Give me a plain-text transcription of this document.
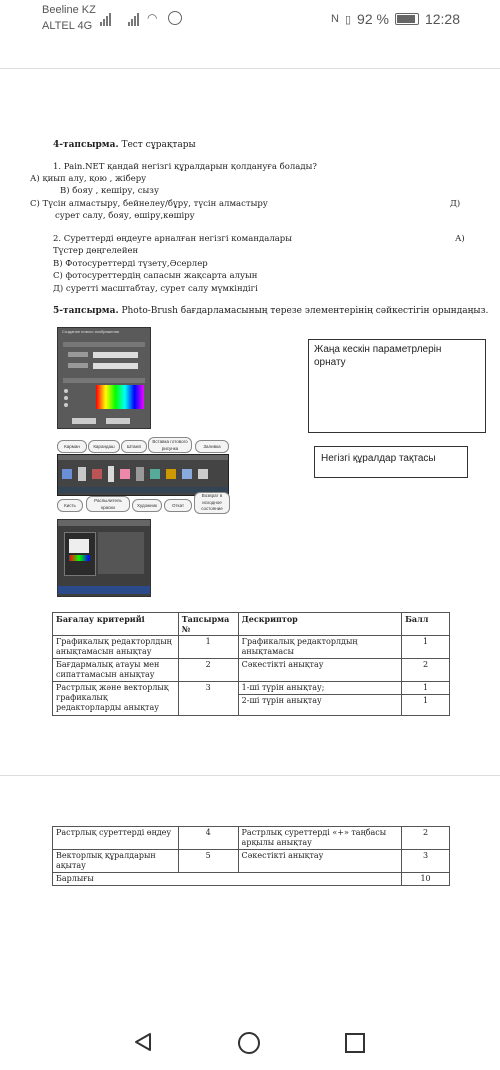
Beeline KZ
ALTEL 4G
◠	N ▯ 92 %	12:28
4-тапсырма. Тест сұрақтары
1. Pain.NET қандай негізгі құралдарын қолдануға болады?
А) қиып алу, қою , жіберу
В) бояу , кешіру, сызу
С) Түсін алмастыру, бейнелеу/бұру, түсін алмастыру	Д)
сурет салу, бояу, өшіру,көшіру
2. Суреттерді өңдеуге арналған негізгі командалары	А)
Түстер дөңгелейен
В) Фотосуреттерді түзету,Әсерлер
С) фотосуреттердің сапасын жақсарта алуын
Д) суретті масштабтау, сурет салу мүмкіндігі
5-тапсырма. Photo-Brush бағдарламасының терезе элементерінің сәйкестігін орындаңыз.
Создание нового изображения
Карман	Карандаш	Штамп
Вставка готового рисунка	Заливка
Кисть
Распылитель краски	Художник	Откат
Возврат в исходное состояние
Жаңа кескін параметрлерін орнату
Негізгі құралдар тақтасы
Бағалау критерийі	Тапсырма №	Дескриптор	Балл
Графикалық редакторлдың анықтамасын анықтау	1	Графикалық редакторлдың анықтамасы	1
Бағдармалық атауы мен сипаттамасын анықтау	2	Сәкестікті анықтау	2
Растрлық және векторлық графикалық редакторларды анықтау	3	1-ші түрін анықтау;	1
		2-ші түрін анықтау	1
Растрлық суреттерді өңдеу	4	Растрлық суреттерді «+» таңбасы арқылы анықтау	2
Векторлық құралдарын ақытау	5	Сәкестікті анықтау	3
Барлығы			10
